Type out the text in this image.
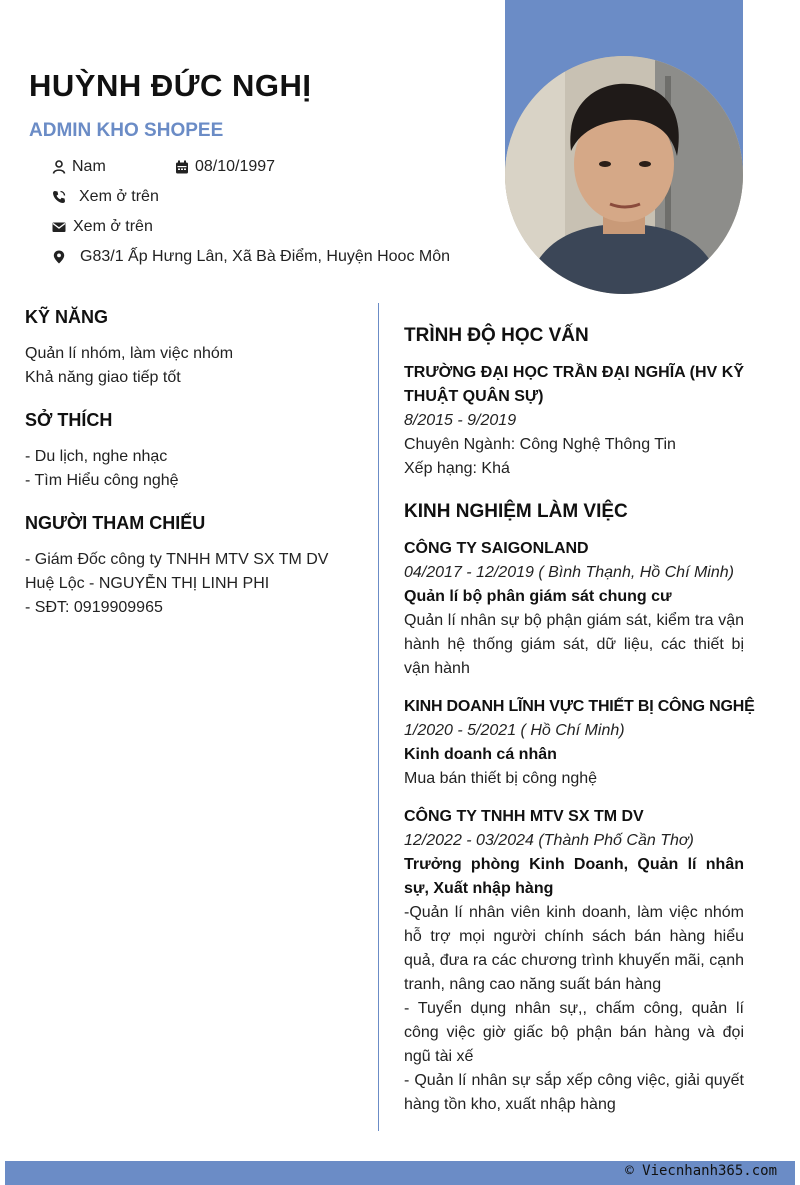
HUỲNH ĐỨC NGHỊ
ADMIN KHO SHOPEE
Nam	08/10/1997
Xem ở trên
Xem ở trên
G83/1 Ấp Hưng Lân, Xã Bà Điểm, Huyện Hooc Môn
KỸ NĂNG
Quản lí nhóm, làm việc nhóm
Khả năng giao tiếp tốt
SỞ THÍCH
- Du lịch, nghe nhạc
- Tìm Hiểu công nghệ
NGƯỜI THAM CHIẾU
- Giám Đốc công ty TNHH MTV SX TM DV Huệ Lộc - NGUYỄN THỊ LINH PHI
- SĐT: 0919909965
TRÌNH ĐỘ HỌC VẤN
TRƯỜNG ĐẠI HỌC TRẦN ĐẠI NGHĨA (HV KỸ THUẬT QUÂN SỰ)
8/2015 - 9/2019
Chuyên Ngành: Công Nghệ Thông Tin
Xếp hạng: Khá
KINH NGHIỆM LÀM VIỆC
CÔNG TY SAIGONLAND
04/2017 - 12/2019 ( Bình Thạnh, Hồ Chí Minh)
Quản lí bộ phân giám sát chung cư
Quản lí nhân sự bộ phận giám sát, kiểm tra vận hành hệ thống giám sát, dữ liệu, các thiết bị vận hành
KINH DOANH LĨNH VỰC THIẾT BỊ CÔNG NGHỆ
1/2020 - 5/2021 ( Hồ Chí Minh)
Kinh doanh cá nhân
Mua bán thiết bị công nghệ
CÔNG TY TNHH MTV SX TM DV
12/2022 - 03/2024 (Thành Phố Cần Thơ)
Trưởng phòng Kinh Doanh, Quản lí nhân sự, Xuất nhập hàng
-Quản lí nhân viên kinh doanh, làm việc nhóm hỗ trợ mọi người chính sách bán hàng hiểu quả, đưa ra các chương trình khuyến mãi, cạnh tranh, nâng cao năng suất bán hàng
- Tuyển dụng nhân sự,, chấm công, quản lí công việc giờ giấc bộ phận bán hàng và đọi ngũ tài xế
- Quản lí nhân sự sắp xếp công việc, giải quyết hàng tồn kho, xuất nhập hàng
© Viecnhanh365.com
